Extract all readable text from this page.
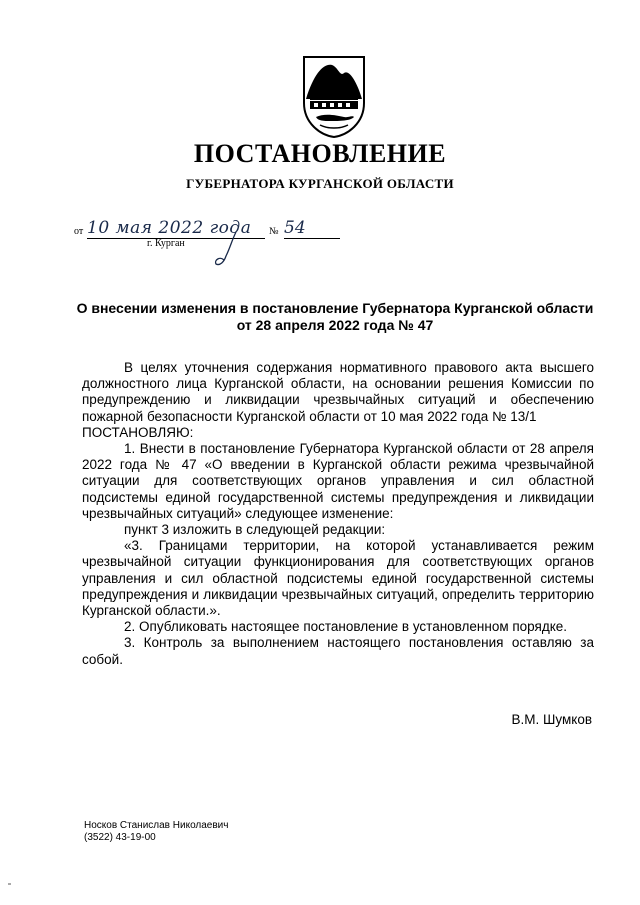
ПОСТАНОВЛЕНИЕ
ГУБЕРНАТОРА КУРГАНСКОЙ ОБЛАСТИ
от 10 мая 2022 года	№ 54
г. Курган
О внесении изменения в постановление Губернатора Курганской области
от 28 апреля 2022 года № 47

В целях уточнения содержания нормативного правового акта высшего должностного лица Курганской области, на основании решения Комиссии по предупреждению и ликвидации чрезвычайных ситуаций и обеспечению пожарной безопасности Курганской области от 10 мая 2022 года № 13/1

ПОСТАНОВЛЯЮ:

1. Внести в постановление Губернатора Курганской области от 28 апреля 2022 года № 47 «О введении в Курганской области режима чрезвычайной ситуации для соответствующих органов управления и сил областной подсистемы единой государственной системы предупреждения и ликвидации чрезвычайных ситуаций» следующее изменение:

пункт 3 изложить в следующей редакции:

«3. Границами территории, на которой устанавливается режим чрезвычайной ситуации функционирования для соответствующих органов управления и сил областной подсистемы единой государственной системы предупреждения и ликвидации чрезвычайных ситуаций, определить территорию Курганской области.».

2. Опубликовать настоящее постановление в установленном порядке.

3. Контроль за выполнением настоящего постановления оставляю за собой.

В.М. Шумков
Носков Станислав Николаевич
(3522) 43-19-00
